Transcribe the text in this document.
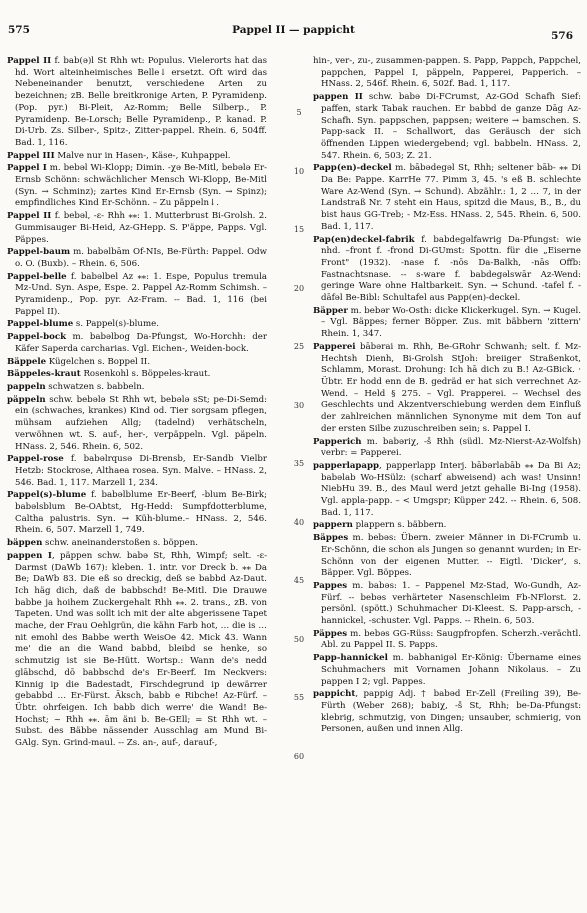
575	Pappel II — pappicht	576
Pappel II f. bab(ə)l St Rhh wt: Populus. Vielerorts hat das hd. Wort alteinheimisches Belle↓ ersetzt. Oft wird das Nebeneinander benutzt, verschiedene Arten zu bezeichnen; zB. Belle breitkronige Arten, P. Pyramidenp. (Pop. pyr.) Bi-Pleit, Az-Romm; Belle Silberp., P. Pyramidenp. Be-Lorsch; Belle Pyramidenp., P. kanad. P. Di-Urb. Zs. Silber-, Spitz-, Zitter-pappel. Rhein. 6, 504ff. Bad. 1, 116.
Pappel III Malve nur in Hasen-, Käse-, Kuhpappel.
Pappel I m. bebəl Wi-Klopp; Dimin. -χə Be-Mitl, bebələ Er-Ernsb Schönn: schwächlicher Mensch Wi-Klopp, Be-Mitl (Syn. → Schminz); zartes Kind Er-Ernsb (Syn. → Spinz); empfindliches Kind Er-Schönn. – Zu päppeln↓.
Pappel II f. bebəl, -ε- Rhh ⁎⁎: 1. Mutterbrust Bi-Grolsh. 2. Gummisauger Bi-Heid, Az-GHepp. S. P'äppe, Papps. Vgl. Päppes.
Pappel-baum m. babəlbām Of-NIs, Be-Fürth: Pappel. Odw o. O. (Buxb). – Rhein. 6, 506.
Pappel-belle f. babəlbel Az ⁎⁎: 1. Espe, Populus tremula Mz-Und. Syn. Aspe, Espe. 2. Pappel Az-Romm Schimsh. – Pyramidenp., Pop. pyr. Az-Fram. -- Bad. 1, 116 (bei Pappel II).
Pappel-blume s. Pappel(s)-blume.
Pappel-bock m. babəlbog Da-Pfungst, Wo-Horchh: der Käfer Saperda carcharias. Vgl. Eichen-, Weiden-bock.
Bäppele Kügelchen s. Boppel II.
Bäppeles-kraut Rosenkohl s. Böppeles-kraut.
pappeln schwatzen s. babbeln.
päppeln schw. bebələ St Rhh wt, bebələ sSt; pe-Di-Semd: ein (schwaches, krankes) Kind od. Tier sorgsam pflegen, mühsam aufziehen Allg; (tadelnd) verhätscheln, verwöhnen wt. S. auf-, her-, verpäppeln. Vgl. päpeln. HNass. 2, 546. Rhein. 6, 502.
Pappel-rose f. babəlrqusə Di-Brensb, Er-Sandb Vielbr Hetzb: Stockrose, Althaea rosea. Syn. Malve. – HNass. 2, 546. Bad. 1, 117. Marzell 1, 234.
Pappel(s)-blume f. babəlblume Er-Beerf, -blum Be-Birk; babəlsblum Be-OAbtst, Hg-Hedd: Sumpfdotterblume, Caltha palustris. Syn. → Küh-blume.– HNass. 2, 546. Rhein. 6, 507. Marzell 1, 749.
bäppen schw. aneinanderstoßen s. böppen.
pappen I, päppen schw. babə St, Rhh, Wimpf; selt. -ε- Darmst (DaWb 167): kleben. 1. intr. vor Dreck b. ⁎⁎ Da Be; DaWb 83. Die eß so dreckig, deß se babbd Az-Daut. Ich häg dich, daß de babbschd! Be-Mitl. Die Drauwe babbe ja hoihem Zuckergehalt Rhh ⁎⁎. 2. trans., zB. von Tapeten. Und was sollt ich mit der alte abgerissene Tapet mache, der Frau Oehlgrün, die kähn Farb hot, … die is … nit emohl des Babbe werth WeisOe 42. Mick 43. Wann me' die an die Wand babbd, bleibd se henke, so schmutzig ist sie Be-Hütt. Wortsp.: Wann de's nedd glābschd, dō babbschd de's Er-Beerf. Im Neckvers: Kinnig ip die Badestadt, Firschdegrund ip dewärrer gebabbd … Er-Fürst. Äksch, babb e Ribche! Az-Fürf. – Übtr. ohrfeigen. Ich babb dich werre' die Wand! Be-Hochst; ~ Rhh ⁎⁎. ām äni b. Be-GEll; = St Rhh wt. – Subst. des Bäbbe nässender Ausschlag am Mund Bi-GAlg. Syn. Grind-maul. -- Zs. an-, auf-, darauf-,
5
10
15
20
25
30
35
40
45
50
55
60
hin-, ver-, zu-, zusammen-pappen. S. Papp, Pappch, Pappchel, pappchen, Pappel I, päppeln, Papperei, Papperich. – HNass. 2, 546f. Rhein. 6, 502f. Bad. 1, 117.
pappen II schw. babə Di-FCrumst, Az-GOd Schafh Sief: paffen, stark Tabak rauchen. Er babbd de ganze Dāg Az-Schafh. Syn. pappschen, pappsen; weitere → bamschen. S. Papp-sack II. – Schallwort, das Geräusch der sich öffnenden Lippen wiedergebend; vgl. babbeln. HNass. 2, 547. Rhein. 6, 503; Z. 21.
Papp(en)-deckel m. bābədegəl St, Rhh; seltener bāb- ⁎⁎ Di Da Be: Pappe. KarrHe 77. Pimm 3, 45. 's eß B. schlechte Ware Az-Wend (Syn. → Schund). Abzählr.: 1, 2 … 7, in der Landstraß Nr. 7 steht ein Haus, spitzd die Maus, B., B., du bist haus GG-Treb; - Mz-Ess. HNass. 2, 545. Rhein. 6, 500. Bad. 1, 117.
Pap(en)deckel-fabrik f. babdegəlfawrig Da-Pfungst: wie nhd. –front f. -frond Di-GUmst: Spottn. für die „Eiserne Front" (1932). -nase f. -nōs Da-Balkh, -nās Offb: Fastnachtsnase. -- s-ware f. babdegəlswār Az-Wend: geringe Ware ohne Haltbarkeit. Syn. → Schund. -tafel f. -dāfəl Be-Bibl: Schultafel aus Papp(en)-deckel.
Bäpper m. bebər Wo-Osth: dicke Klickerkugel. Syn. → Kugel. – Vgl. Bäppes; ferner Böpper. Zus. mit bäbbern 'zittern' Rhein. 1, 347.
Papperei bābərai m. Rhh, Be-GRohr Schwanh; selt. f. Mz-Hechtsh Dienh, Bi-Grolsh StJoh: breiiger Straßenkot, Schlamm, Morast. Drohung: Ich hā dich zu B.! Az-GBick. · Übtr. Er hodd enn de B. gedräd er hat sich verrechnet Az-Wend. – Held § 275. – Vgl. Prapperei. -- Wechsel des Geschlechts und Akzentverschiebung werden dem Einfluß der zahlreichen männlichen Synonyme mit dem Ton auf der ersten Silbe zuzuschreiben sein; s. Pappel I.
Papperich m. babəriχ, -š Rhh (südl. Mz-Nierst-Az-Wolfsh) verbr: = Papperei.
papperlapapp, papperlapp Interj. bābərlabāb ⁎⁎ Da Bi Az; babəlab Wo-HSülz: (scharf abweisend) ach was! Unsinn! NiebHu 39. B., des Maul werd jetzt gehalle Bi-Ing (1958). Vgl. appla-papp. – < Umgspr; Küpper 242. -- Rhein. 6, 508. Bad. 1, 117.
pappern plappern s. bäbbern.
Bäppes m. bebəs: Übern. zweier Männer in Di-FCrumb u. Er-Schönn, die schon als Jungen so genannt wurden; in Er-Schönn von der eigenen Mutter. -- Eigtl. 'Dicker', s. Bäpper. Vgl. Böppes.
Pappes m. babəs: 1. – Pappenel Mz-Stad, Wo-Gundh, Az-Fürf. -- bebəs verhärteter Nasenschleim Fb-NFlorst. 2. persönl. (spött.) Schuhmacher Di-Kleest. S. Papp-arsch, -hannickel, -schuster. Vgl. Papps. -- Rhein. 6, 503.
Päppes m. bebəs GG-Rüss: Saugpfropfen. Scherzh.-verächtl. Abl. zu Pappel II. S. Papps.
Papp-hannickel m. babhanigəl Er-König: Übername eines Schuhmachers mit Vornamen Johann Nikolaus. – Zu pappen I 2; vgl. Pappes.
pappicht, pappig Adj. † babəd Er-Zell (Freiling 39), Be-Fürth (Weber 268); babiχ, -š St, Rhh; be-Da-Pfungst: klebrig, schmutzig, von Dingen; unsauber, schmierig, von Personen, außen und innen Allg.
